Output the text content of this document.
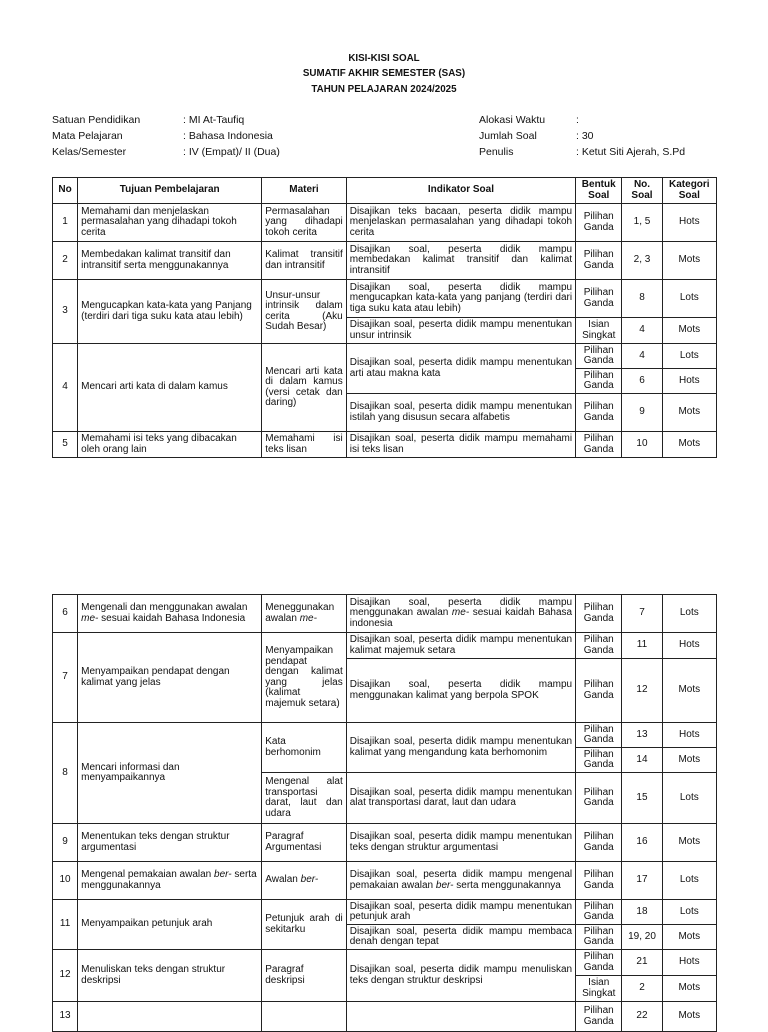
KISI-KISI SOAL
SUMATIF AKHIR SEMESTER (SAS)
TAHUN PELAJARAN 2024/2025
Satuan Pendidikan	: MI At-Taufiq
Mata Pelajaran	: Bahasa Indonesia
Kelas/Semester	: IV (Empat)/ II (Dua)
Alokasi Waktu	:
Jumlah Soal	: 30
Penulis	: Ketut Siti Ajerah, S.Pd
No	Tujuan Pembelajaran	Materi	Indikator Soal	Bentuk Soal	No. Soal	Kategori Soal
1	Memahami dan menjelaskan permasalahan yang dihadapi tokoh cerita	Permasalahan yang dihadapi tokoh cerita	Disajikan teks bacaan, peserta didik mampu menjelaskan permasalahan yang dihadapi tokoh cerita	Pilihan Ganda	1, 5	Hots
2	Membedakan kalimat transitif dan intransitif serta menggunakannya	Kalimat transitif dan intransitif	Disajikan soal, peserta didik mampu membedakan kalimat transitif dan kalimat intransitif	Pilihan Ganda	2, 3	Mots
3	Mengucapkan kata-kata yang Panjang (terdiri dari tiga suku kata atau lebih)	Unsur-unsur intrinsik dalam cerita (Aku Sudah Besar)	Disajikan soal, peserta didik mampu mengucapkan kata-kata yang panjang (terdiri dari tiga suku kata atau lebih)	Pilihan Ganda	8	Lots
			Disajikan soal, peserta didik mampu menentukan unsur intrinsik	Isian Singkat	4	Mots
4	Mencari arti kata di dalam kamus	Mencari arti kata di dalam kamus (versi cetak dan daring)	Disajikan soal, peserta didik mampu menentukan arti atau makna kata	Pilihan Ganda	4	Lots
				Pilihan Ganda	6	Hots
			Disajikan soal, peserta didik mampu menentukan istilah yang disusun secara alfabetis	Pilihan Ganda	9	Mots
5	Memahami isi teks yang dibacakan oleh orang lain	Memahami isi teks lisan	Disajikan soal, peserta didik mampu memahami isi teks lisan	Pilihan Ganda	10	Mots
6	Mengenali dan menggunakan awalan me- sesuai kaidah Bahasa Indonesia	Meneggunakan awalan me-	Disajikan soal, peserta didik mampu menggunakan awalan me- sesuai kaidah Bahasa indonesia	Pilihan Ganda	7	Lots
7	Menyampaikan pendapat dengan kalimat yang jelas	Menyampaikan pendapat dengan kalimat yang jelas (kalimat majemuk setara)	Disajikan soal, peserta didik mampu menentukan kalimat majemuk setara	Pilihan Ganda	11	Hots
			Disajikan soal, peserta didik mampu menggunakan kalimat yang berpola SPOK	Pilihan Ganda	12	Mots
8	Mencari informasi dan menyampaikannya	Kata berhomonim	Disajikan soal, peserta didik mampu menentukan kalimat yang mengandung kata berhomonim	Pilihan Ganda	13	Hots
				Pilihan Ganda	14	Mots
		Mengenal alat transportasi darat, laut dan udara	Disajikan soal, peserta didik mampu menentukan alat transportasi darat, laut dan udara	Pilihan Ganda	15	Lots
9	Menentukan teks dengan struktur argumentasi	Paragraf Argumentasi	Disajikan soal, peserta didik mampu menentukan teks dengan struktur argumentasi	Pilihan Ganda	16	Mots
10	Mengenal pemakaian awalan ber- serta menggunakannya	Awalan ber-	Disajikan soal, peserta didik mampu mengenal pemakaian awalan ber- serta menggunakannya	Pilihan Ganda	17	Lots
11	Menyampaikan petunjuk arah	Petunjuk arah di sekitarku	Disajikan soal, peserta didik mampu menentukan petunjuk arah	Pilihan Ganda	18	Lots
			Disajikan soal, peserta didik mampu membaca denah dengan tepat	Pilihan Ganda	19, 20	Mots
12	Menuliskan teks dengan struktur deskripsi	Paragraf deskripsi	Disajikan soal, peserta didik mampu menuliskan teks dengan struktur deskripsi	Pilihan Ganda	21	Hots
				Isian Singkat	2	Mots
13				Pilihan Ganda	22	Mots
